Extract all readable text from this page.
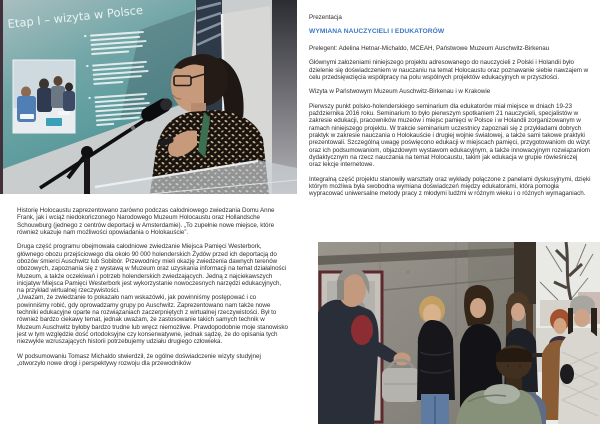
Etap I – wizyta w Polsce

Historię Holocaustu zaprezentowano zarówno podczas całodniowego zwiedzania Domu Anne Frank, jak i wciąż niedokończonego Narodowego Muzeum Holocaustu oraz Hollandsche Schouwburg (jednego z centrów deportacji w Amsterdamie). „To zupełnie nowe miejsce, które również ukazuje nam możliwości opowiadania o Holokauście”.

Druga część programu obejmowała całodniowe zwiedzanie Miejsca Pamięci Westerbork, głównego obozu przejściowego dla około 90 000 holenderskich Żydów przed ich deportacją do obozów śmierci Auschwitz lub Sobibór. Przewodnicy mieli okazję zwiedzenia dawnych terenów obozowych, zapoznania się z wystawą w Muzeum oraz uzyskania informacji na temat działalności Muzeum, a także oczekiwań i potrzeb holenderskich zwiedzających. Jedną z najciekawszych inicjatyw Miejsca Pamięci Westerbork jest wykorzystanie nowoczesnych narzędzi edukacyjnych, na przykład wirtualnej rzeczywistości.

„Uważam, że zwiedzanie to pokazało nam wskazówki, jak powinniśmy postępować i co powinniśmy robić, gdy oprowadzamy grupy po Auschwitz. Zaprezentowano nam także nowe techniki edukacyjne oparte na rozwiązaniach zaczerpniętych z wirtualnej rzeczywistości. Był to również bardzo ciekawy temat, jednak uważam, że zastosowanie takich samych technik w Muzeum Auschwitz byłoby bardzo trudne lub wręcz niemożliwe. Prawdopodobnie moje stanowisko jest w tym względzie dość ortodoksyjne czy konserwatywne, jednak sądzę, że do opisania tych niezwykle wzruszających historii potrzebujemy udziału drugiego człowieka.

W podsumowaniu Tomasz Michaldo stwierdził, że ogólne doświadczenie wizyty studyjnej „otworzyło nowe drogi i perspektywy rozwoju dla przewodników

Prezentacja

WYMIANA NAUCZYCIELI I EDUKATORÓW

Prelegent: Adelina Hetnar-Michaldo, MCEAH, Państwowe Muzeum Auschwitz-Birkenau

Głównymi założeniami niniejszego projektu adresowanego do nauczycieli z Polski i Holandii było dzielenie się doświadczeniem w nauczaniu na temat Holocaustu oraz poznawanie siebie nawzajem w celu przedsięwzięcia współpracy na polu wspólnych projektów edukacyjnych w przyszłości.

Wizyta w Państwowym Muzeum Auschwitz-Birkenau i w Krakowie

Pierwszy punkt polsko-holenderskiego seminarium dla edukatorów miał miejsce w dniach 19-23 października 2016 roku. Seminarium to było pierwszym spotkaniem 21 nauczycieli, specjalistów w zakresie edukacji, pracowników muzeów i miejsc pamięci w Polsce i w Holandii zorganizowanym w ramach niniejszego projektu. W trakcie seminarium uczestnicy zapoznali się z przykładami dobrych praktyk w zakresie nauczania o Holokauście i drugiej wojnie światowej, a także sami takowe praktyki prezentowali. Szczególną uwagę poświęcono edukacji w miejscach pamięci, przygotowaniom do wizyt oraz ich podsumowaniom, objazdowym wystawom edukacyjnym, a także innowacyjnym rozwiązaniom dydaktycznym na rzecz nauczania na temat Holocaustu, takim jak edukacja w grupie rówieśniczej oraz lekcje internetowe.

Integralną część projektu stanowiły warsztaty oraz wykłady połączone z panelami dyskusyjnymi, dzięki którym możliwa była swobodna wymiana doświadczeń między edukatorami, która pomogła wypracować uniwersalne metody pracy z młodymi ludźmi w różnym wieku i o różnych wymaganiach.
